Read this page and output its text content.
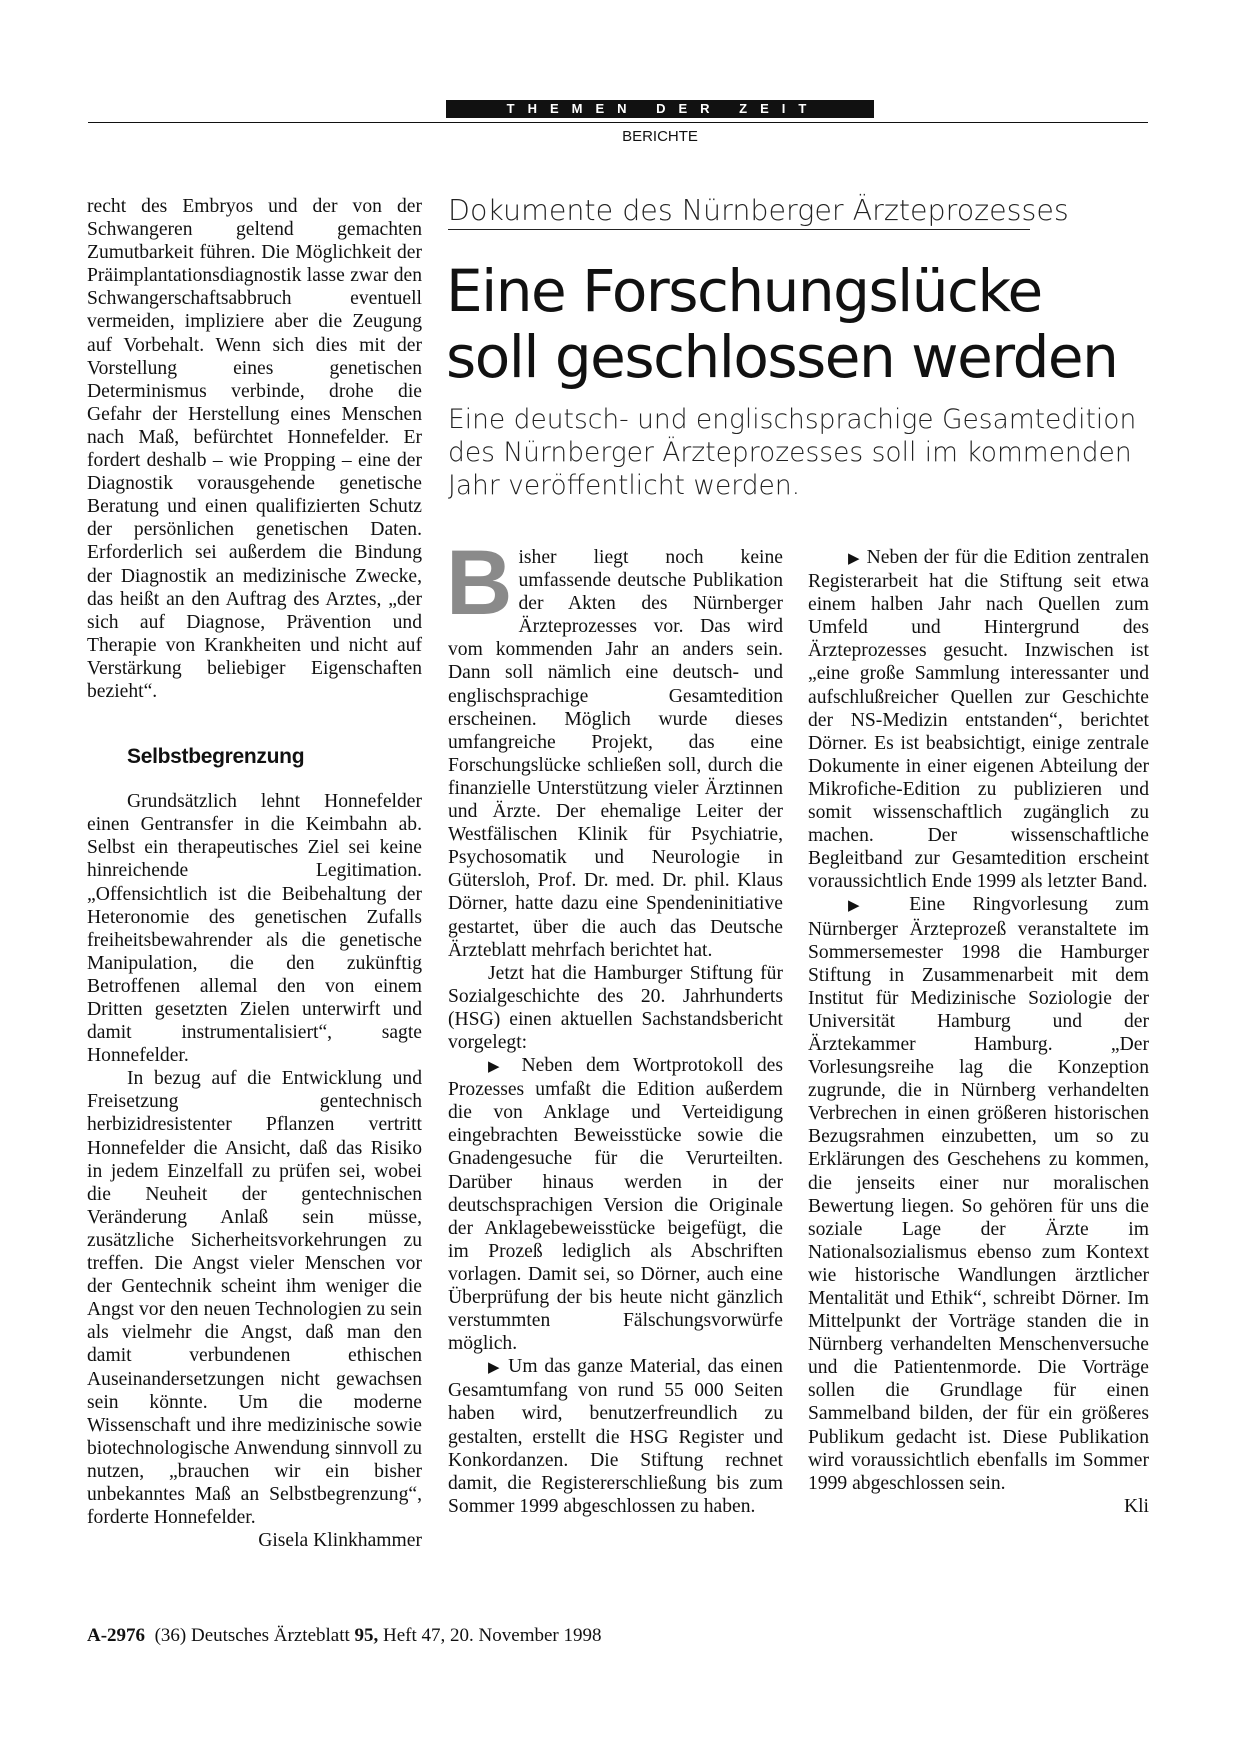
THEMEN DER ZEIT
BERICHTE

recht des Embryos und der von der Schwangeren geltend gemachten Zumutbarkeit führen. Die Möglichkeit der Präimplantationsdiagnostik lasse zwar den Schwangerschaftsabbruch eventuell vermeiden, impliziere aber die Zeugung auf Vorbehalt. Wenn sich dies mit der Vorstellung eines genetischen Determinismus verbinde, drohe die Gefahr der Herstellung eines Menschen nach Maß, befürchtet Honnefelder. Er fordert deshalb – wie Propping – eine der Diagnostik vorausgehende genetische Beratung und einen qualifizierten Schutz der persönlichen genetischen Daten. Erforderlich sei außerdem die Bindung der Diagnostik an medizinische Zwecke, das heißt an den Auftrag des Arztes, „der sich auf Diagnose, Prävention und Therapie von Krankheiten und nicht auf Verstärkung beliebiger Eigenschaften bezieht“.

Selbstbegrenzung

Grundsätzlich lehnt Honnefelder einen Gentransfer in die Keimbahn ab. Selbst ein therapeutisches Ziel sei keine hinreichende Legitimation. „Offensichtlich ist die Beibehaltung der Heteronomie des genetischen Zufalls freiheitsbewahrender als die genetische Manipulation, die den zukünftig Betroffenen allemal den von einem Dritten gesetzten Zielen unterwirft und damit instrumentalisiert“, sagte Honnefelder.

In bezug auf die Entwicklung und Freisetzung gentechnisch herbizidresistenter Pflanzen vertritt Honnefelder die Ansicht, daß das Risiko in jedem Einzelfall zu prüfen sei, wobei die Neuheit der gentechnischen Veränderung Anlaß sein müsse, zusätzliche Sicherheitsvorkehrungen zu treffen. Die Angst vieler Menschen vor der Gentechnik scheint ihm weniger die Angst vor den neuen Technologien zu sein als vielmehr die Angst, daß man den damit verbundenen ethischen Auseinandersetzungen nicht gewachsen sein könnte. Um die moderne Wissenschaft und ihre medizinische sowie biotechnologische Anwendung sinnvoll zu nutzen, „brauchen wir ein bisher unbekanntes Maß an Selbstbegrenzung“, forderte Honnefelder.

Gisela Klinkhammer

Dokumente des Nürnberger Ärzteprozesses
Eine Forschungslücke
soll geschlossen werden
Eine deutsch- und englischsprachige Gesamtedition des Nürnberger Ärzteprozesses soll im kommenden Jahr veröffentlicht werden.

Bisher liegt noch keine umfassende deutsche Publikation der Akten des Nürnberger Ärzteprozesses vor. Das wird vom kommenden Jahr an anders sein. Dann soll nämlich eine deutsch- und englischsprachige Gesamtedition erscheinen. Möglich wurde dieses umfangreiche Projekt, das eine Forschungslücke schließen soll, durch die finanzielle Unterstützung vieler Ärztinnen und Ärzte. Der ehemalige Leiter der Westfälischen Klinik für Psychiatrie, Psychosomatik und Neurologie in Gütersloh, Prof. Dr. med. Dr. phil. Klaus Dörner, hatte dazu eine Spendeninitiative gestartet, über die auch das Deutsche Ärzteblatt mehrfach berichtet hat.

Jetzt hat die Hamburger Stiftung für Sozialgeschichte des 20. Jahrhunderts (HSG) einen aktuellen Sachstandsbericht vorgelegt:

▶ Neben dem Wortprotokoll des Prozesses umfaßt die Edition außerdem die von Anklage und Verteidigung eingebrachten Beweisstücke sowie die Gnadengesuche für die Verurteilten. Darüber hinaus werden in der deutschsprachigen Version die Originale der Anklagebeweisstücke beigefügt, die im Prozeß lediglich als Abschriften vorlagen. Damit sei, so Dörner, auch eine Überprüfung der bis heute nicht gänzlich verstummten Fälschungsvorwürfe möglich.

▶ Um das ganze Material, das einen Gesamtumfang von rund 55 000 Seiten haben wird, benutzerfreundlich zu gestalten, erstellt die HSG Register und Konkordanzen. Die Stiftung rechnet damit, die Registererschließung bis zum Sommer 1999 abgeschlossen zu haben.

▶ Neben der für die Edition zentralen Registerarbeit hat die Stiftung seit etwa einem halben Jahr nach Quellen zum Umfeld und Hintergrund des Ärzteprozesses gesucht. Inzwischen ist „eine große Sammlung interessanter und aufschlußreicher Quellen zur Geschichte der NS-Medizin entstanden“, berichtet Dörner. Es ist beabsichtigt, einige zentrale Dokumente in einer eigenen Abteilung der Mikrofiche-Edition zu publizieren und somit wissenschaftlich zugänglich zu machen. Der wissenschaftliche Begleitband zur Gesamtedition erscheint voraussichtlich Ende 1999 als letzter Band.

▶ Eine Ringvorlesung zum Nürnberger Ärzteprozeß veranstaltete im Sommersemester 1998 die Hamburger Stiftung in Zusammenarbeit mit dem Institut für Medizinische Soziologie der Universität Hamburg und der Ärztekammer Hamburg. „Der Vorlesungsreihe lag die Konzeption zugrunde, die in Nürnberg verhandelten Verbrechen in einen größeren historischen Bezugsrahmen einzubetten, um so zu Erklärungen des Geschehens zu kommen, die jenseits einer nur moralischen Bewertung liegen. So gehören für uns die soziale Lage der Ärzte im Nationalsozialismus ebenso zum Kontext wie historische Wandlungen ärztlicher Mentalität und Ethik“, schreibt Dörner. Im Mittelpunkt der Vorträge standen die in Nürnberg verhandelten Menschenversuche und die Patientenmorde. Die Vorträge sollen die Grundlage für einen Sammelband bilden, der für ein größeres Publikum gedacht ist. Diese Publikation wird voraussichtlich ebenfalls im Sommer 1999 abgeschlossen sein.

Kli

A-2976 (36) Deutsches Ärzteblatt 95, Heft 47, 20. November 1998
